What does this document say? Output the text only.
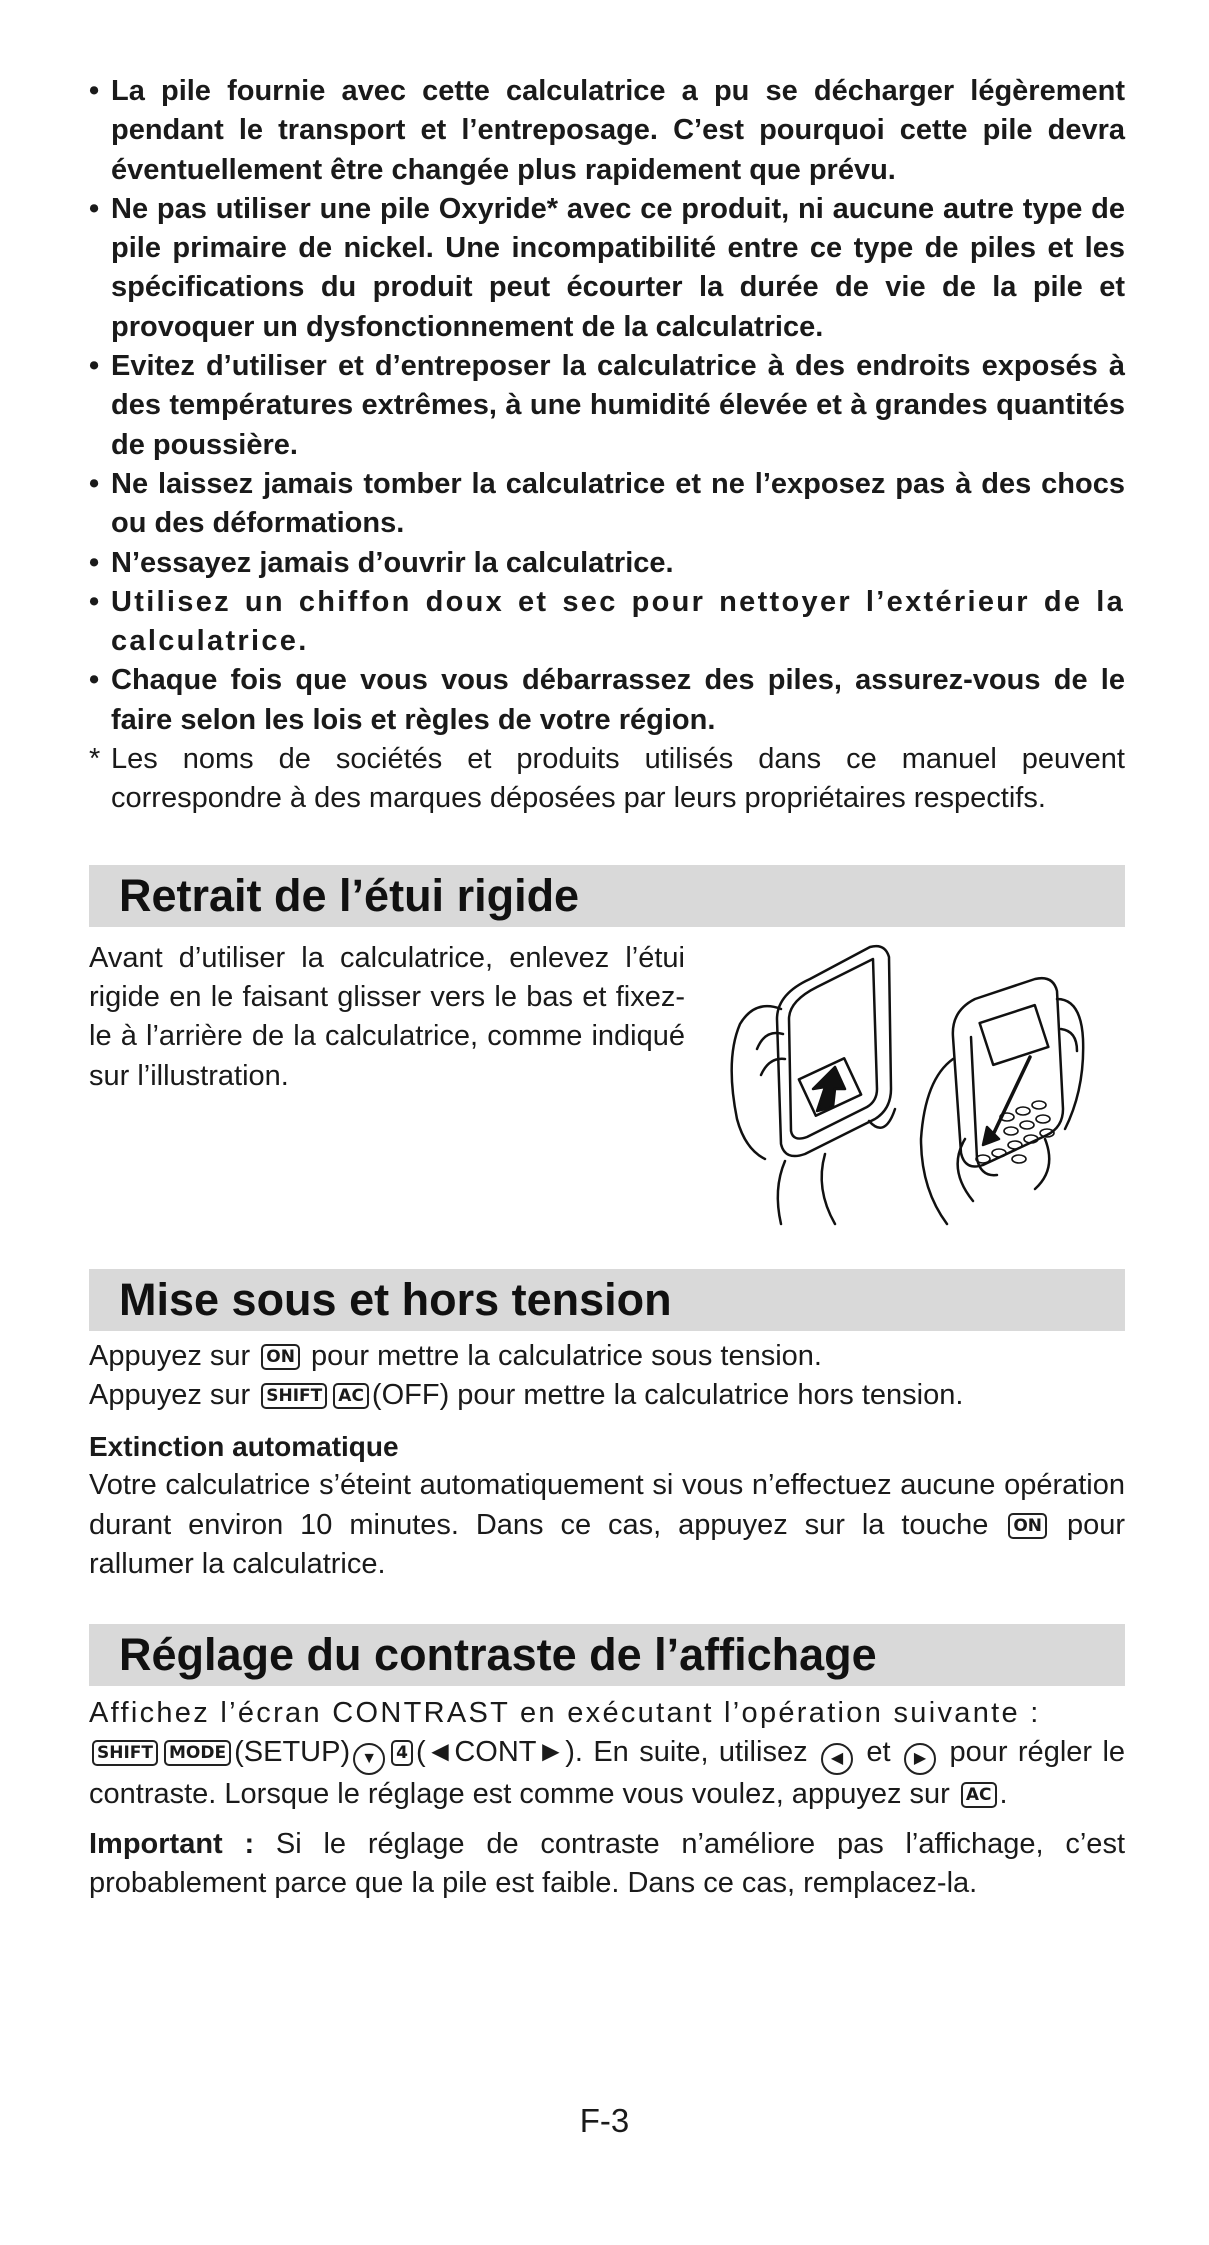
• La pile fournie avec cette calculatrice a pu se décharger légèrement pendant le transport et l’entreposage. C’est pourquoi cette pile devra éventuellement être changée plus rapidement que prévu.
• Ne pas utiliser une pile Oxyride* avec ce produit, ni aucune autre type de pile primaire de nickel. Une incompatibilité entre ce type de piles et les spécifications du produit peut écourter la durée de vie de la pile et provoquer un dysfonctionnement de la calculatrice.
• Evitez d’utiliser et d’entreposer la calculatrice à des endroits exposés à des températures extrêmes, à une humidité élevée et à grandes quantités de poussière.
• Ne laissez jamais tomber la calculatrice et ne l’exposez pas à des chocs ou des déformations.
• N’essayez jamais d’ouvrir la calculatrice.
• Utilisez un chiffon doux et sec pour nettoyer l’extérieur de la calculatrice.
• Chaque fois que vous vous débarrassez des piles, assurez-vous de le faire selon les lois et règles de votre région.
* Les noms de sociétés et produits utilisés dans ce manuel peuvent correspondre à des marques déposées par leurs propriétaires respectifs.
Retrait de l’étui rigide

Avant d’utiliser la calculatrice, enlevez l’étui rigide en le faisant glisser vers le bas et fixez-le à l’arrière de la calculatrice, comme indiqué sur l’illustration.

Mise sous et hors tension

Appuyez sur ON pour mettre la calculatrice sous tension.

Appuyez sur SHIFT AC (OFF) pour mettre la calculatrice hors tension.

Extinction automatique

Votre calculatrice s’éteint automatiquement si vous n’effectuez aucune opération durant environ 10 minutes. Dans ce cas, appuyez sur la touche ON pour rallumer la calculatrice.

Réglage du contraste de l’affichage

Affichez l’écran CONTRAST en exécutant l’opération suivante :

SHIFT MODE (SETUP) ▼ 4 (◄CONT►). En suite, utilisez ◀ et ▶ pour régler le contraste. Lorsque le réglage est comme vous voulez, appuyez sur AC .

Important : Si le réglage de contraste n’améliore pas l’affichage, c’est probablement parce que la pile est faible. Dans ce cas, remplacez-la.

F-3
